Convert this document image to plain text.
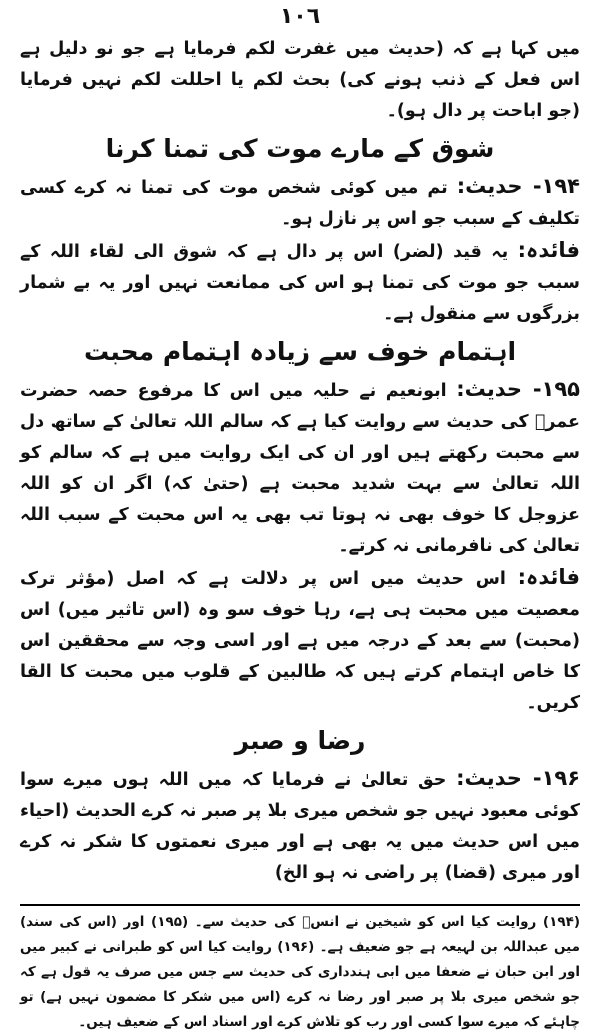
١٠٦

میں کہا ہے کہ (حدیث میں غفرت لکم فرمایا ہے جو نو دلیل ہے اس فعل کے ذنب ہونے کی) بحث لکم یا احللت لکم نہیں فرمایا (جو اباحت پر دال ہو)۔

شوق کے مارے موت کی تمنا کرنا

۱۹۴- حدیث: تم میں کوئی شخص موت کی تمنا نہ کرے کسی تکلیف کے سبب جو اس پر نازل ہو۔

فائدہ: یہ قید (لضر) اس پر دال ہے کہ شوق الی لقاء اللہ کے سبب جو موت کی تمنا ہو اس کی ممانعت نہیں اور یہ بے شمار بزرگوں سے منقول ہے۔

اہتمام خوف سے زیادہ اہتمام محبت

۱۹۵- حدیث: ابونعیم نے حلیہ میں اس کا مرفوع حصہ حضرت عمرؓ کی حدیث سے روایت کیا ہے کہ سالم اللہ تعالیٰ کے ساتھ دل سے محبت رکھتے ہیں اور ان کی ایک روایت میں ہے کہ سالم کو اللہ تعالیٰ سے بہت شدید محبت ہے (حتیٰ کہ) اگر ان کو اللہ عزوجل کا خوف بھی نہ ہوتا تب بھی یہ اس محبت کے سبب اللہ تعالیٰ کی نافرمانی نہ کرتے۔

فائدہ: اس حدیث میں اس پر دلالت ہے کہ اصل (مؤثر ترک معصیت میں محبت ہی ہے، رہا خوف سو وہ (اس تاثیر میں) اس (محبت) سے بعد کے درجہ میں ہے اور اسی وجہ سے محققین اس کا خاص اہتمام کرتے ہیں کہ طالبین کے قلوب میں محبت کا القا کریں۔

رضا و صبر

۱۹۶- حدیث: حق تعالیٰ نے فرمایا کہ میں اللہ ہوں میرے سوا کوئی معبود نہیں جو شخص میری بلا پر صبر نہ کرے الحدیث (احیاء میں اس حدیث میں یہ بھی ہے اور میری نعمتوں کا شکر نہ کرے اور میری (قضا) پر راضی نہ ہو الخ)

(۱۹۴) روایت کیا اس کو شیخین نے انسؓ کی حدیث سے۔ (۱۹۵) اور (اس کی سند) میں عبداللہ بن لہیعہ ہے جو ضعیف ہے۔ (۱۹۶) روایت کیا اس کو طبرانی نے کبیر میں اور ابن حبان نے ضعفا میں ابی ہندداری کی حدیث سے جس میں صرف یہ قول ہے کہ جو شخص میری بلا پر صبر اور رضا نہ کرے (اس میں شکر کا مضمون نہیں ہے) تو چاہئے کہ میرے سوا کسی اور رب کو تلاش کرے اور اسناد اس کے ضعیف ہیں۔
